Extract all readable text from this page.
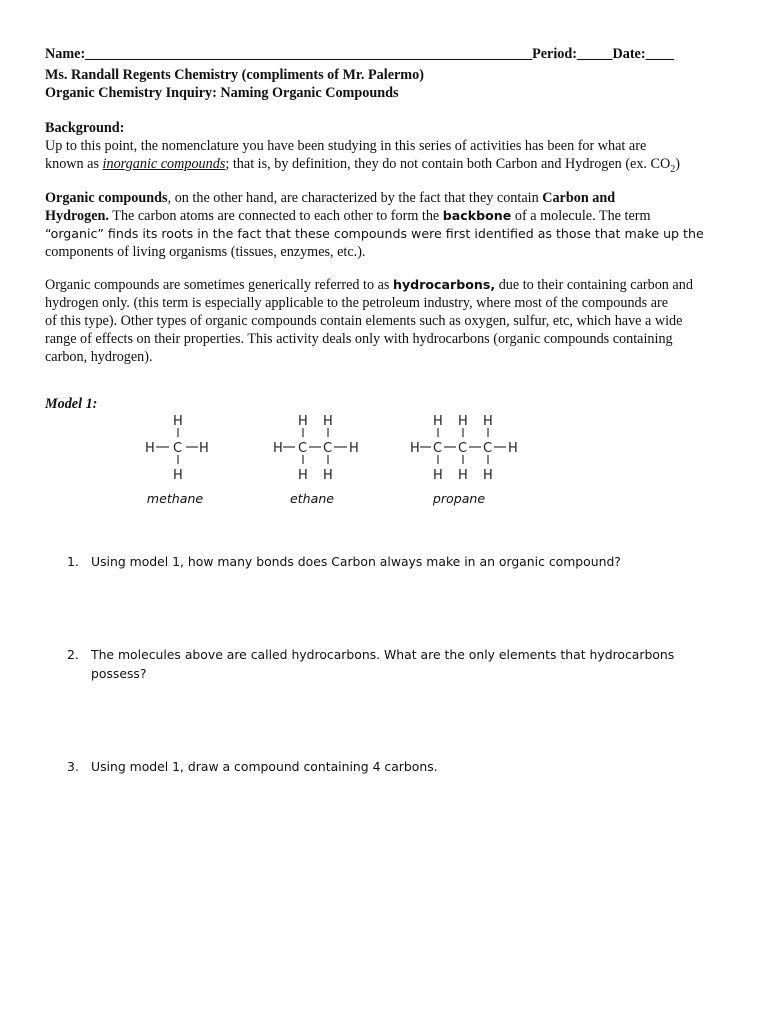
Name:_______________________________________________________________Period:_____Date:____
Ms. Randall Regents Chemistry (compliments of Mr. Palermo)
Organic Chemistry Inquiry: Naming Organic Compounds
Background:
Up to this point, the nomenclature you have been studying in this series of activities has been for what are
known as inorganic compounds; that is, by definition, they do not contain both Carbon and Hydrogen (ex. $CO_2$)
Organic compounds, on the other hand, are characterized by the fact that they contain Carbon and
Hydrogen. The carbon atoms are connected to each other to form the backbone of a molecule. The term
“organic” finds its roots in the fact that these compounds were first identified as those that make up the
components of living organisms (tissues, enzymes, etc.).
Organic compounds are sometimes generically referred to as hydrocarbons, due to their containing carbon and
hydrogen only. (this term is especially applicable to the petroleum industry, where most of the compounds are
of this type). Other types of organic compounds contain elements such as oxygen, sulfur, etc, which have a wide
range of effects on their properties. This activity deals only with hydrocarbons (organic compounds containing
carbon, hydrogen).
Model 1:
H
H C H
H
H H
H C C H
H H
H H H
H C C C H
H H H
methane	ethane	propane
1. Using model 1, how many bonds does Carbon always make in an organic compound?
2. The molecules above are called hydrocarbons. What are the only elements that hydrocarbons possess?
3. Using model 1, draw a compound containing 4 carbons.
